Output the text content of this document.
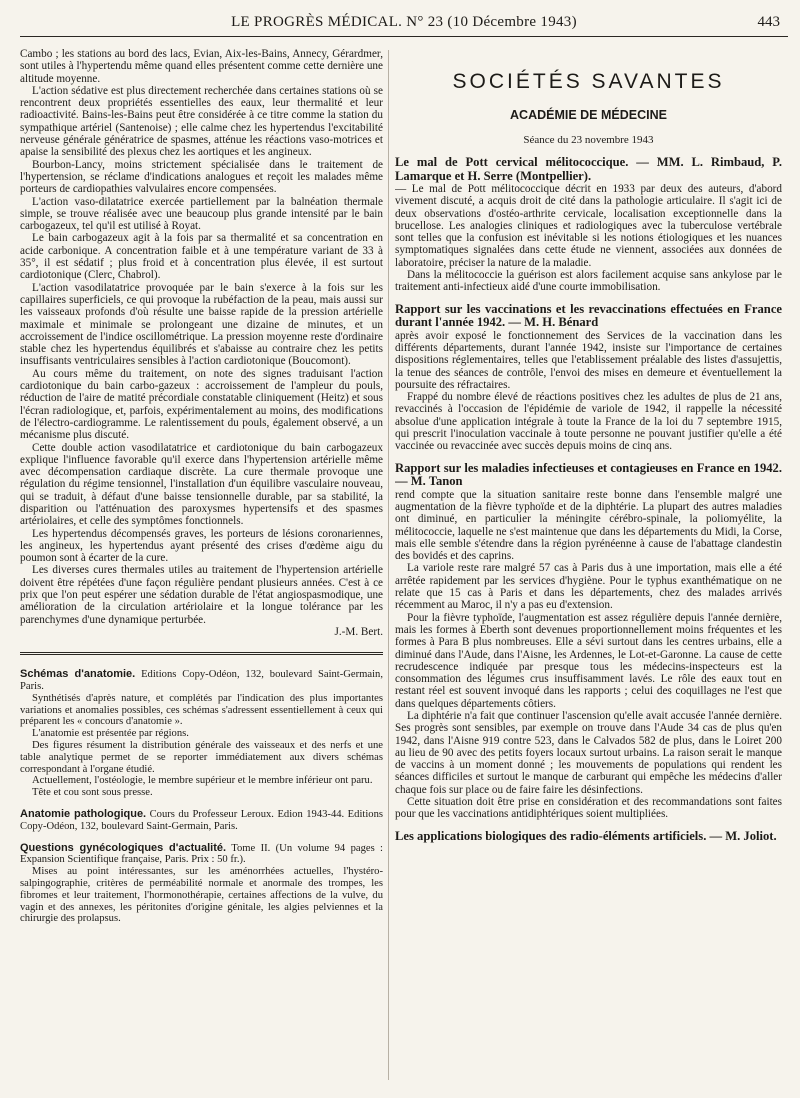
LE PROGRÈS MÉDICAL. N° 23 (10 Décembre 1943)	443

Cambo ; les stations au bord des lacs, Evian, Aix-les-Bains, Annecy, Gérardmer, sont utiles à l'hypertendu même quand elles présentent comme cette dernière une altitude moyenne.

L'action sédative est plus directement recherchée dans certaines stations où se rencontrent deux propriétés essentielles des eaux, leur thermalité et leur radioactivité. Bains-les-Bains peut être considérée à ce titre comme la station du sympathique artériel (Santenoise) ; elle calme chez les hypertendus l'excitabilité nerveuse générale génératrice de spasmes, atténue les réactions vaso-motrices et apaise la sensibilité des plexus chez les aortiques et les angineux.

Bourbon-Lancy, moins strictement spécialisée dans le traitement de l'hypertension, se réclame d'indications analogues et reçoit les malades même porteurs de cardiopathies valvulaires encore compensées.

L'action vaso-dilatatrice exercée partiellement par la balnéation thermale simple, se trouve réalisée avec une beaucoup plus grande intensité par le bain carbogazeux, tel qu'il est utilisé à Royat.

Le bain carbogazeux agit à la fois par sa thermalité et sa concentration en acide carbonique. A concentration faible et à une température variant de 33 à 35°, il est sédatif ; plus froid et à concentration plus élevée, il est surtout cardiotonique (Clerc, Chabrol).

L'action vasodilatatrice provoquée par le bain s'exerce à la fois sur les capillaires superficiels, ce qui provoque la rubéfaction de la peau, mais aussi sur les vaisseaux profonds d'où résulte une baisse rapide de la pression artérielle maximale et minimale se prolongeant une dizaine de minutes, et un accroissement de l'indice oscillométrique. La pression moyenne reste d'ordinaire stable chez les hypertendus équilibrés et s'abaisse au contraire chez les petits insuffisants ventriculaires sensibles à l'action cardiotonique (Boucomont).

Au cours même du traitement, on note des signes traduisant l'action cardiotonique du bain carbo-gazeux : accroissement de l'ampleur du pouls, réduction de l'aire de matité précordiale constatable cliniquement (Heitz) et sous l'écran radiologique, et, parfois, expérimentalement au moins, des modifications de l'électro-cardiogramme. Le ralentissement du pouls, également observé, a un mécanisme plus discuté.

Cette double action vasodilatatrice et cardiotonique du bain carbogazeux explique l'influence favorable qu'il exerce dans l'hypertension artérielle même avec décompensation cardiaque discrète. La cure thermale provoque une régulation du régime tensionnel, l'installation d'un équilibre vasculaire nouveau, qui se traduit, à défaut d'une baisse tensionnelle durable, par sa stabilité, la disparition ou l'atténuation des paroxysmes hypertensifs et des spasmes artériolaires, et celle des symptômes fonctionnels.

Les hypertendus décompensés graves, les porteurs de lésions coronariennes, les angineux, les hypertendus ayant présenté des crises d'œdème aigu du poumon sont à écarter de la cure.

Les diverses cures thermales utiles au traitement de l'hypertension artérielle doivent être répétées d'une façon régulière pendant plusieurs années. C'est à ce prix que l'on peut espérer une sédation durable de l'état angiospasmodique, une amélioration de la circulation artériolaire et la longue tolérance par les parenchymes d'une dynamique perturbée.

J.-M. Bert.

Schémas d'anatomie. Editions Copy-Odéon, 132, boulevard Saint-Germain, Paris.

Synthétisés d'après nature, et complétés par l'indication des plus importantes variations et anomalies possibles, ces schémas s'adressent essentiellement à ceux qui préparent les « concours d'anatomie ».

L'anatomie est présentée par régions.

Des figures résument la distribution générale des vaisseaux et des nerfs et une table analytique permet de se reporter immédiatement aux divers schémas correspondant à l'organe étudié.

Actuellement, l'ostéologie, le membre supérieur et le membre inférieur ont paru.

Tête et cou sont sous presse.

Anatomie pathologique. Cours du Professeur Leroux. Edion 1943-44. Editions Copy-Odéon, 132, boulevard Saint-Germain, Paris.

Questions gynécologiques d'actualité. Tome II. (Un volume 94 pages : Expansion Scientifique française, Paris. Prix : 50 fr.).

Mises au point intéressantes, sur les aménorrhées actuelles, l'hystéro-salpingographie, critères de perméabilité normale et anormale des trompes, les fibromes et leur traitement, l'hormonothérapie, certaines affections de la vulve, du vagin et des annexes, les péritonites d'origine génitale, les algies pelviennes et la chirurgie des prolapsus.

SOCIÉTÉS SAVANTES
ACADÉMIE DE MÉDECINE
Séance du 23 novembre 1943
Le mal de Pott cervical mélitococcique. — MM. L. Rimbaud, P. Lamarque et H. Serre (Montpellier).

— Le mal de Pott mélitococcique décrit en 1933 par deux des auteurs, d'abord vivement discuté, a acquis droit de cité dans la pathologie articulaire. Il s'agit ici de deux observations d'ostéo-arthrite cervicale, localisation exceptionnelle dans la brucellose. Les analogies cliniques et radiologiques avec la tuberculose vertébrale sont telles que la confusion est inévitable si les notions étiologiques et les nuances symptomatiques signalées dans cette étude ne viennent, associées aux données de laboratoire, préciser la nature de la maladie.

Dans la mélitococcie la guérison est alors facilement acquise sans ankylose par le traitement anti-infectieux aidé d'une courte immobilisation.

Rapport sur les vaccinations et les revaccinations effectuées en France durant l'année 1942. — M. H. Bénard

après avoir exposé le fonctionnement des Services de la vaccination dans les différents départements, durant l'année 1942, insiste sur l'importance de certaines dispositions réglementaires, telles que l'etablissement préalable des listes d'assujettis, la tenue des séances de contrôle, l'envoi des mises en demeure et éventuellement la poursuite des réfractaires.

Frappé du nombre élevé de réactions positives chez les adultes de plus de 21 ans, revaccinés à l'occasion de l'épidémie de variole de 1942, il rappelle la nécessité absolue d'une application intégrale à toute la France de la loi du 7 septembre 1915, qui prescrit l'inoculation vaccinale à toute personne ne pouvant justifier qu'elle a été vaccinée ou revaccinée avec succès depuis moins de cinq ans.

Rapport sur les maladies infectieuses et contagieuses en France en 1942. — M. Tanon

rend compte que la situation sanitaire reste bonne dans l'ensemble malgré une augmentation de la fièvre typhoïde et de la diphtérie. La plupart des autres maladies ont diminué, en particulier la méningite cérébro-spinale, la poliomyélite, la mélitococcie, laquelle ne s'est maintenue que dans les départements du Midi, la Corse, mais elle semble s'étendre dans la région pyrénéenne à cause de l'abattage clandestin des bovidés et des caprins.

La variole reste rare malgré 57 cas à Paris dus à une importation, mais elle a été arrêtée rapidement par les services d'hygiène. Pour le typhus exanthématique on ne relate que 15 cas à Paris et dans les départements, chez des malades arrivés récemment au Maroc, il n'y a pas eu d'extension.

Pour la fièvre typhoïde, l'augmentation est assez régulière depuis l'année dernière, mais les formes à Eberth sont devenues proportionnellement moins fréquentes et les formes à Para B plus nombreuses. Elle a sévi surtout dans les centres urbains, elle a diminué dans l'Aude, dans l'Aisne, les Ardennes, le Lot-et-Garonne. La cause de cette recrudescence indiquée par presque tous les médecins-inspecteurs est la consommation des légumes crus insuffisamment lavés. Le rôle des eaux tout en restant réel est souvent invoqué dans les rapports ; celui des coquillages ne l'est que dans quelques départements côtiers.

La diphtérie n'a fait que continuer l'ascension qu'elle avait accusée l'année dernière. Ses progrès sont sensibles, par exemple on trouve dans l'Aude 34 cas de plus qu'en 1942, dans l'Aisne 919 contre 523, dans le Calvados 582 de plus, dans le Loiret 200 au lieu de 90 avec des petits foyers locaux surtout urbains. La raison serait le manque de vaccins à un moment donné ; les mouvements de populations qui rendent les séances difficiles et surtout le manque de carburant qui empêche les médecins d'aller chaque fois sur place ou de faire faire les désinfections.

Cette situation doit être prise en considération et des recommandations sont faites pour que les vaccinations antidiphtériques soient multipliées.

Les applications biologiques des radio-éléments artificiels. — M. Joliot.
